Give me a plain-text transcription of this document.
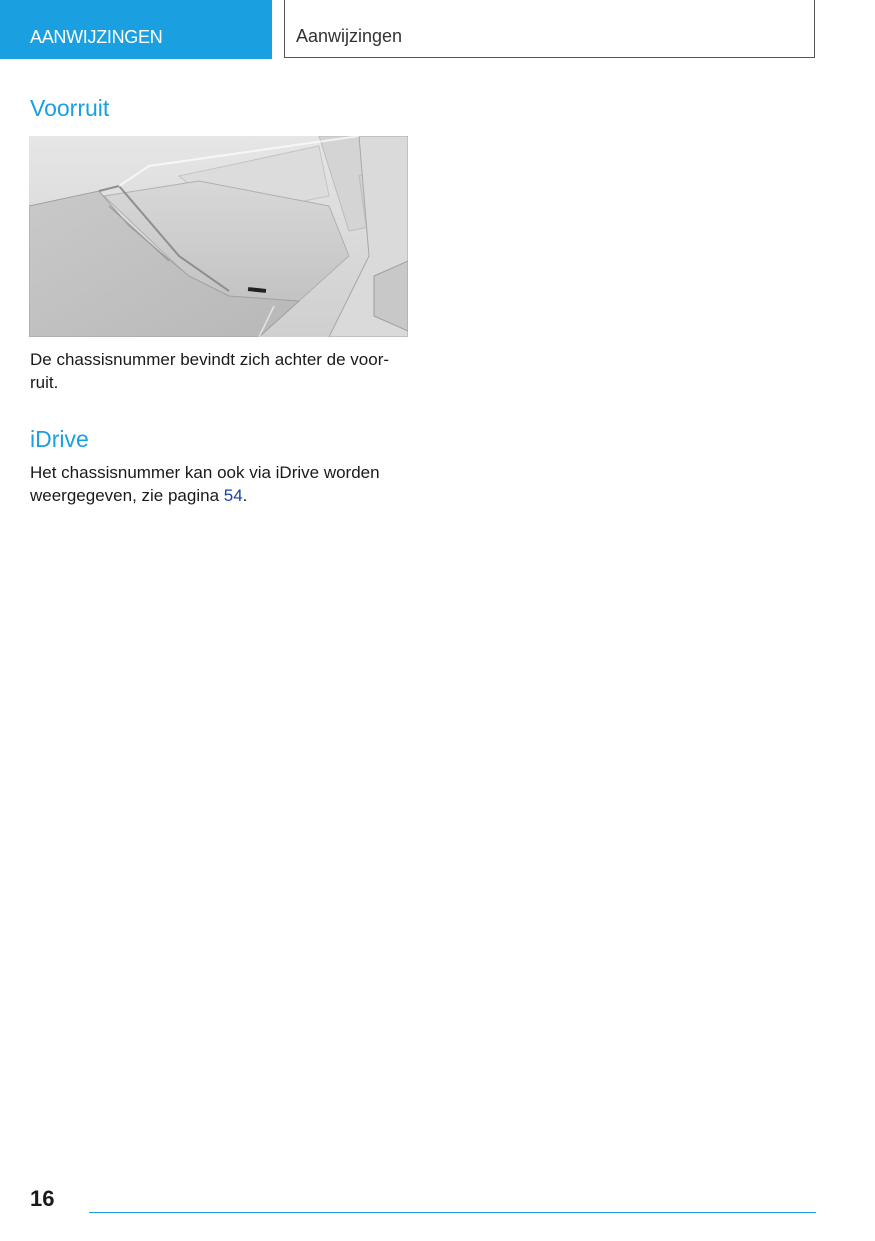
AANWIJZINGEN	Aanwijzingen
Voorruit

De chassisnummer bevindt zich achter de voor-ruit.

iDrive

Het chassisnummer kan ook via iDrive worden weergegeven, zie pagina 54.

16
